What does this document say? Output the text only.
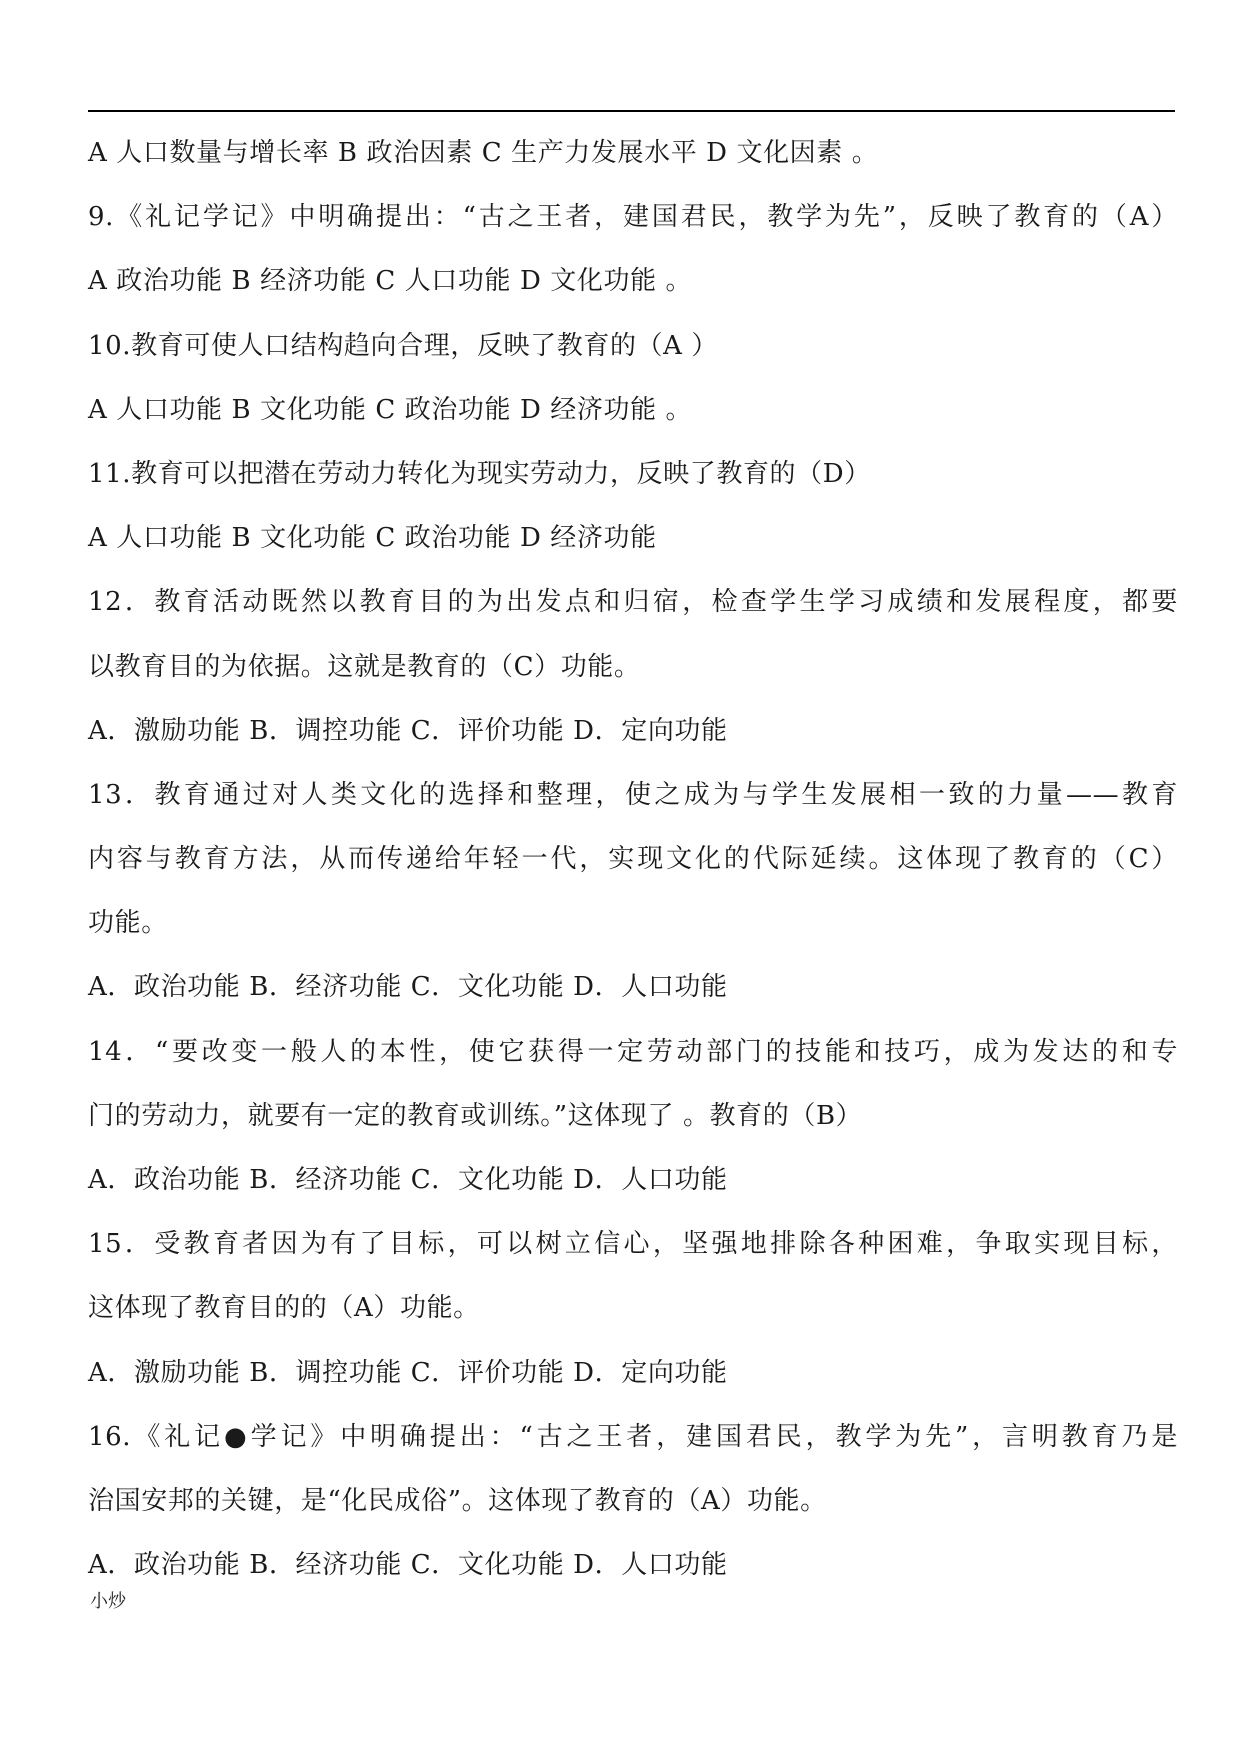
A 人口数量与增长率 B 政治因素 C 生产力发展水平 D 文化因素 。
9.《礼记学记》中明确提出：“古之王者，建国君民，教学为先”，反映了教育的（A）
A 政治功能 B 经济功能 C 人口功能 D 文化功能 。
10.教育可使人口结构趋向合理，反映了教育的（A ）
A 人口功能 B 文化功能 C 政治功能 D 经济功能 。
11.教育可以把潜在劳动力转化为现实劳动力，反映了教育的（D）
A 人口功能 B 文化功能 C 政治功能 D 经济功能
12．教育活动既然以教育目的为出发点和归宿，检查学生学习成绩和发展程度，都要
以教育目的为依据。这就是教育的（C）功能。
A．激励功能 B．调控功能 C．评价功能 D．定向功能
13．教育通过对人类文化的选择和整理，使之成为与学生发展相一致的力量——教育
内容与教育方法，从而传递给年轻一代，实现文化的代际延续。这体现了教育的（C）
功能。
A．政治功能 B．经济功能 C．文化功能 D．人口功能
14．“要改变一般人的本性，使它获得一定劳动部门的技能和技巧，成为发达的和专
门的劳动力，就要有一定的教育或训练。”这体现了 。教育的（B）
A．政治功能 B．经济功能 C．文化功能 D．人口功能
15．受教育者因为有了目标，可以树立信心，坚强地排除各种困难，争取实现目标，
这体现了教育目的的（A）功能。
A．激励功能 B．调控功能 C．评价功能 D．定向功能
16.《礼记●学记》中明确提出：“古之王者，建国君民，教学为先”，言明教育乃是
治国安邦的关键，是“化民成俗”。这体现了教育的（A）功能。
A．政治功能 B．经济功能 C．文化功能 D．人口功能
小炒
